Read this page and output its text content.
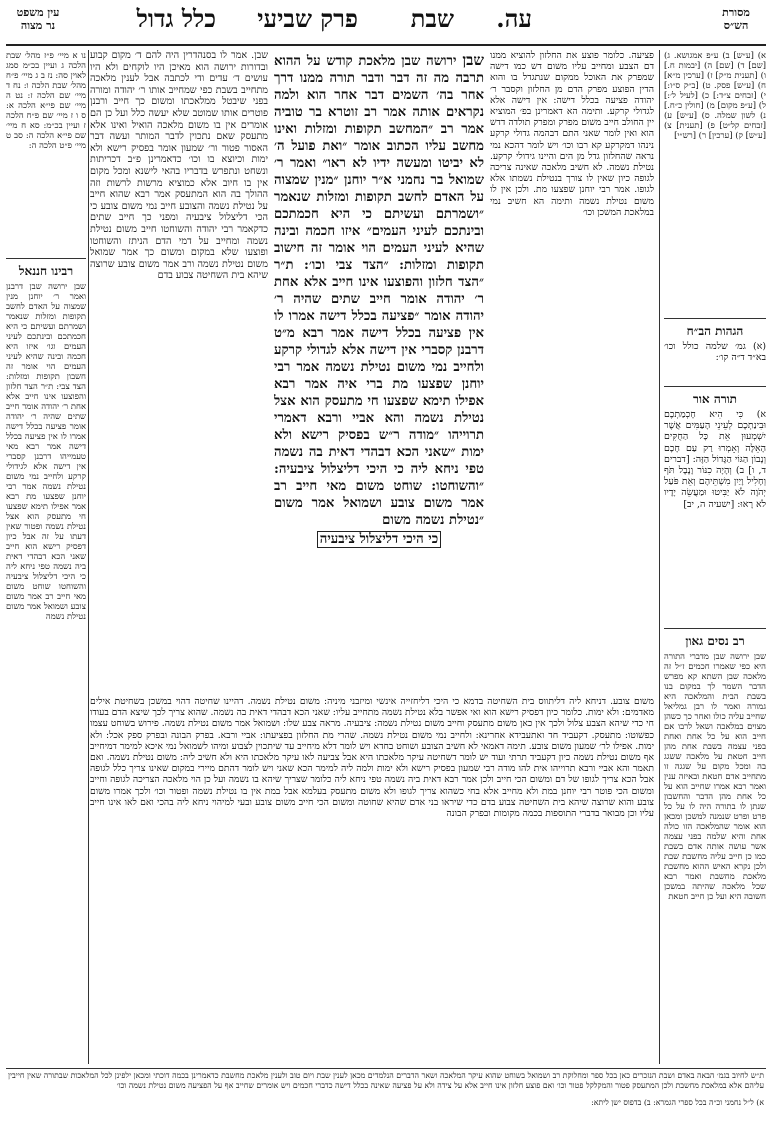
מסורת
הש״ס
עה.
שבת
פרק שביעי
כלל גדול
עין משפט
נר מצוה
א) [ע״ש] ב) ע״פ אמגושא. ג) [שם] ד) [שם] ה) [יבמות ח.] ו) [תענית מ״ק] ז) [ערכין מ״א] ח) [ע״ש] פסק. ט) [ב״ק ס״ו:] י) [זבחים צ״ד:] כ) [לעיל ל׳:] ל) [ע״פ מקום] מ) [חולין כ״ח.] נ) לשון שמלה. ס) [ע״ש] ע) [זבחים קל״ט] פ) [תענית] צ) [ע״ש] ק) [ערכין] ר) [רש״י]
הגהות הב״ח
(א) גמ׳ שלמה כולל וכו׳ בא״ד ד״ה קו׳:
תורה אור
א) כִּי הִיא חָכְמַתְכֶם וּבִינַתְכֶם לְעֵינֵי הָעַמִּים אֲשֶׁר יִשְׁמְעוּן אֵת כָּל הַחֻקִּים הָאֵלֶּה וְאָמְרוּ רַק עַם חָכָם וְנָבוֹן הַגּוֹי הַגָּדוֹל הַזֶּה: [דברים ד, ו] ב) וְהָיָה כִנּוֹר וָנֶבֶל תֹּף וְחָלִיל וָיַיִן מִשְׁתֵּיהֶם וְאֵת פֹּעַל יְהֹוָה לֹא יַבִּיטוּ וּמַעֲשֵׂה יָדָיו לֹא רָאוּ: [ישעיה ה, יב]
רב נסים גאון
שבן ירושה שבן מדברי התורה היא כפי שאמרו חכמים ז״ל זה מלאכה שבן השתא קא מפרש הדבר השמר לך במקום בנו בשבת הבית והמלאכה היא גמורה ואמר לו רבן גמליאל שחייב עליה כולו ואחר כך כשהן מצוים במלאכה ושאל לרבו אם חייב הוא על כל אחת ואחת בפני עצמה בשבת אחת מהן חייב חטאת על מלאכה ששגג בה ומכל מקום על שגגה זו מתחייב אדם חטאת ובאיזה ענין ואמר רבא אמרו שחייב הוא על כל אחת מהן הדבר והחשבון שנתן לו בתורה היה לו על כל פרט ופרט שנמנה למשכן ומכאן הוא אומר שהמלאכה הזו כולה אחת והיא שלמה בפני עצמה אשר עושה אותה אדם בשבת כמו כן חייב עליה מחשבת שבת ולכן נקרא האיש ההוא מחשבת מלאכת מחשבת ואמר רבא שכל מלאכה שהיתה במשכן חשובה היא ועל כן חייב חטאת
פציעה. כלומר פוצע את החלזון להוציא ממנו דם הצבע ומחייב עליו משום דש כמו דישה שמפרק את האוכל ממקום שנתגדל בו והוא הדין הפוצע מפרק הדם מן החלזון וקסבר ר׳ יהודה פציעה בכלל דישה: אין דישה אלא לגדולי קרקע. ותימה הא דאמרינן בפ׳ המוציא יין החולב חייב משום מפרק ומפרק תולדה דדש הוא ואין לומר שאני התם דבהמה גדולי קרקע נינהו דמקרקע קא רבו וכו׳ ויש לומר דהכא נמי נראה שהחלזון גדל מן הים והיינו גידולי קרקע. נטילת נשמה. לא חשיב מלאכה שאינה צריכה לגופה כיון שאין לו צורך בנטילת נשמתו אלא לגופו. אמר רבי יוחנן שפצעו מת. ולכן אין לו משום נטילת נשמה ותימה הא חשיב נמי במלאכת המשכן וכו׳
שבן ירושה שבן מלאכת קודש על ההוא תרבה מה זה דבר ודבר תורה ממנו דרך אחר בה׳ השמים דבר אחר הוא ולמה נקראים אותה אמר רב זוטרא בר טוביה אמר רב ״המחשב תקופות ומזלות ואינו מחשב עליו הכתוב אומר ״ואת פועל ה׳ לא יביטו ומעשה ידיו לא ראו״ ואמר ר׳ שמואל בר נחמני א״ר יוחנן ״מנין שמצוה על האדם לחשב תקופות ומזלות שנאמר ״ושמרתם ועשיתם כי היא חכמתכם ובינתכם לעיני העמים״ איזו חכמה ובינה שהיא לעיני העמים הוי אומר זה חישוב תקופות ומזלות: ״הצד צבי וכו׳: ת״ר ״הצד חלזון והפוצעו אינו חייב אלא אחת ר׳ יהודה אומר חייב שתים שהיה ר׳ יהודה אומר ״פציעה בכלל דישה אמרו לו אין פציעה בכלל דישה אמר רבא מ״ט דרבנן קסברי אין דישה אלא לגדולי קרקע ולחייב נמי משום נטילת נשמה אמר רבי יוחנן שפצעו מת ברי איה אמר רבא אפילו תימא שפצעו חי מתעסק הוא אצל נטילת נשמה והא אביי ורבא דאמרי תרוייהו ״מודה ר״ש בפסיק רישא ולא ימות ״שאני הכא דבהדי דאית בה נשמה טפי ניחא ליה כי היכי דליצלול ציבעיה: ״והשוחטו: שוחט משום מאי חייב רב אמר משום צובע ושמואל אמר משום ״נטילת נשמה משום
כי היכי דליצלול ציבעיה
שבן. אמר לו בסנהדרין היה להם ד׳ מקום קבוע ובדורות ירושה הוא מאיכן היו לוקחים ולא היו עושים ד׳ עדים ודי לכתבה אבל לענין מלאכה מתחייב בשבת כפי שמחייב אותו ר׳ יהודה ומורה בפני שיבטל ממלאכתו ומשום כך חייב ורבנן פוטרים אותו שמוטב שלא יעשה כלל ועל כן הם אומרים אין בו משום מלאכה הואיל ואינו אלא מתעסק שאם נתכוין לדבר המותר ועשה דבר האסור פטור ור׳ שמעון אומר בפסיק רישא ולא ימות וכיוצא בו וכו׳ כדאמרינן פ״ב דכריתות ונשחט ונתפרש בדבריו בהאי לישנא ומכל מקום אין בו חיוב אלא כמוציא מרשות לרשות וזה ההולך בה הוא המתעסק אמר רבא שהוא חייב על נטילת נשמה והצובע חייב נמי משום צובע כי הכי דליצלול ציבעיה ומפני כך חייב שתים כדקאמר רבי יהודה והשוחטו חייב משום נטילת נשמה ומחייב על דמי הדם הניתז והשוחטו ופוצעו שלא במקום ומשום כך אמר שמואל משום נטילת נשמה ורב אמר משום צובע שרוצה שיהא בית השחיטה צבוע בדם
נו א מיי׳ פ״ז מהל׳ שבת הלכה ג ועיין בכ״מ סמג לאוין סה: נז ב ג מיי׳ פ״ח מהל׳ שבת הלכה ו: נח ד מיי׳ שם הלכה ז: נט ה מיי׳ שם פי״א הלכה א: ס ו ז מיי׳ שם פ״ח הלכה ז ועיין בכ״מ: סא ח מיי׳ שם פי״א הלכה ה: סב ט מיי׳ פ״ט הלכה ה:
רבינו חננאל
שבן ירושה שבן דרבנן ואמר ר׳ יוחנן מנין שמצוה על האדם לחשב תקופות ומזלות שנאמר ושמרתם ועשיתם כי היא חכמתכם ובינתכם לעיני העמים וגו׳ איזו היא חכמה ובינה שהיא לעיני העמים הוי אומר זה חשבון תקופות ומזלות: הצד צבי: ת״ר הצד חלזון והפוצעו אינו חייב אלא אחת ר׳ יהודה אומר חייב שתים שהיה ר׳ יהודה אומר פציעה בכלל דישה אמרו לו אין פציעה בכלל דישה אמר רבא מאי טעמייהו דרבנן קסברי אין דישה אלא לגידולי קרקע ולחייב נמי משום נטילת נשמה אמר רבי יוחנן שפצעו מת רבא אמר אפילו תימא שפצעו חי מתעסק הוא אצל נטילת נשמה ופטור שאין דעתו על זה אבל כיון דפסיק רישא הוא חייב שאני הכא דבהדי דאית ביה נשמה טפי ניחא ליה כי היכי דליצלול ציבעיה והשוחטו שוחט משום מאי חייב רב אמר משום צובע ושמואל אמר משום נטילת נשמה
משום צובע. דניחא ליה דליתווס בית השחיטה בדמא כי היכי דליחזייה אינשי ומיזבני מיניה: משום נטילת נשמה. דהיינו שחיטה דהוי במשכן בשחיטת אילים מאדמים: ולא ימות. כלומר כיון דפסיק רישא הוא ואי אפשר בלא נטילת נשמה מתחייב עליו: שאני הכא דבהדי דאית בה נשמה. שהוא צריך לכך שיצא הדם בעודו חי כדי שיהא הצבע צלול ולכך אין כאן משום מתעסק וחייב משום נטילת נשמה: ציבעיה. מראה צבע שלו: ושמואל אמר משום נטילת נשמה. פירוש בשוחט עצמו כפשוטו: מתעסק. דקעביד חד ואתעבידא אחרינא: ולחייב נמי משום נטילת נשמה. שהרי מת החלזון בפציעתו: אביי ורבא. בפרק הבונה ובפרק ספק אכל: ולא ימות. אפילו לר׳ שמעון משום צובע. תימה דאמאי לא חשיב הצובע ושוחט בחדא ויש לומר דלא מיחייב עד שיתכוין לצבוע ומיהו לשמואל נמי איכא למימר דמיחייב אף משום נטילת נשמה כיון דקעביד תרתי ועוד יש לומר דשחיטה עיקר מלאכתו היא אבל צביעה לאו עיקר מלאכתו היא ולא חשיב ליה: משום נטילת נשמה. ואם תאמר והא אביי ורבא תרוייהו אית להו מודה רבי שמעון בפסיק רישא ולא ימות ולמה ליה למימר הכא שאני ויש לומר דהתם מיירי במקום שאינו צריך כלל לגופה אבל הכא צריך לגופו של דם ומשום הכי חייב ולכן אמר רבא דאית ביה נשמה טפי ניחא ליה כלומר שצריך שיהא בו נשמה ועל כן הוי מלאכה הצריכה לגופה וחייב ומשום הכי פוטר רבי יוחנן במת ולא מחייב אלא בחי כשהוא צריך לגופו ולא משום מתעסק בעלמא אבל במת אין בו נטילת נשמה ופטור וכו׳ ולכך אמרו משום צובע והוא שרוצה שיהא בית השחיטה צבוע בדם כדי שיראו בני אדם שהיא שחוטה ומשום הכי חייב משום צובע ובעי למיהוי ניחא ליה בהכי ואם לאו אינו חייב עליו וכן מבואר בדברי התוספות בכמה מקומות ובפרק הבונה
ת״ש לחיוב בגמ׳ הבאה באדם ושבת הנזכרים כאן בכל ספר ומחלוקת רב ושמואל בשוחט שהוא עיקר המלאכה ושאר הדברים הנלמדים מכאן לענין שבת ויום טוב ולענין מלאכת מחשבת כדאמרינן בכמה דוכתי ומכאן ילפינן לכל המלאכות שבתורה שאין חייבין עליהם אלא במלאכת מחשבת ולכן המתעסק פטור והמקלקל פטור וכו׳ ואם פוצע חלזון אינו חייב אלא על צידה ולא על פציעה שאינה בכלל דישה כדברי חכמים ויש אומרים שחייב אף על הפציעה משום נטילת נשמה וכו׳
א) ל״ל נחמני וכ״ה בכל ספרי הגמרא: ב) בדפוס ישן ליתא:
